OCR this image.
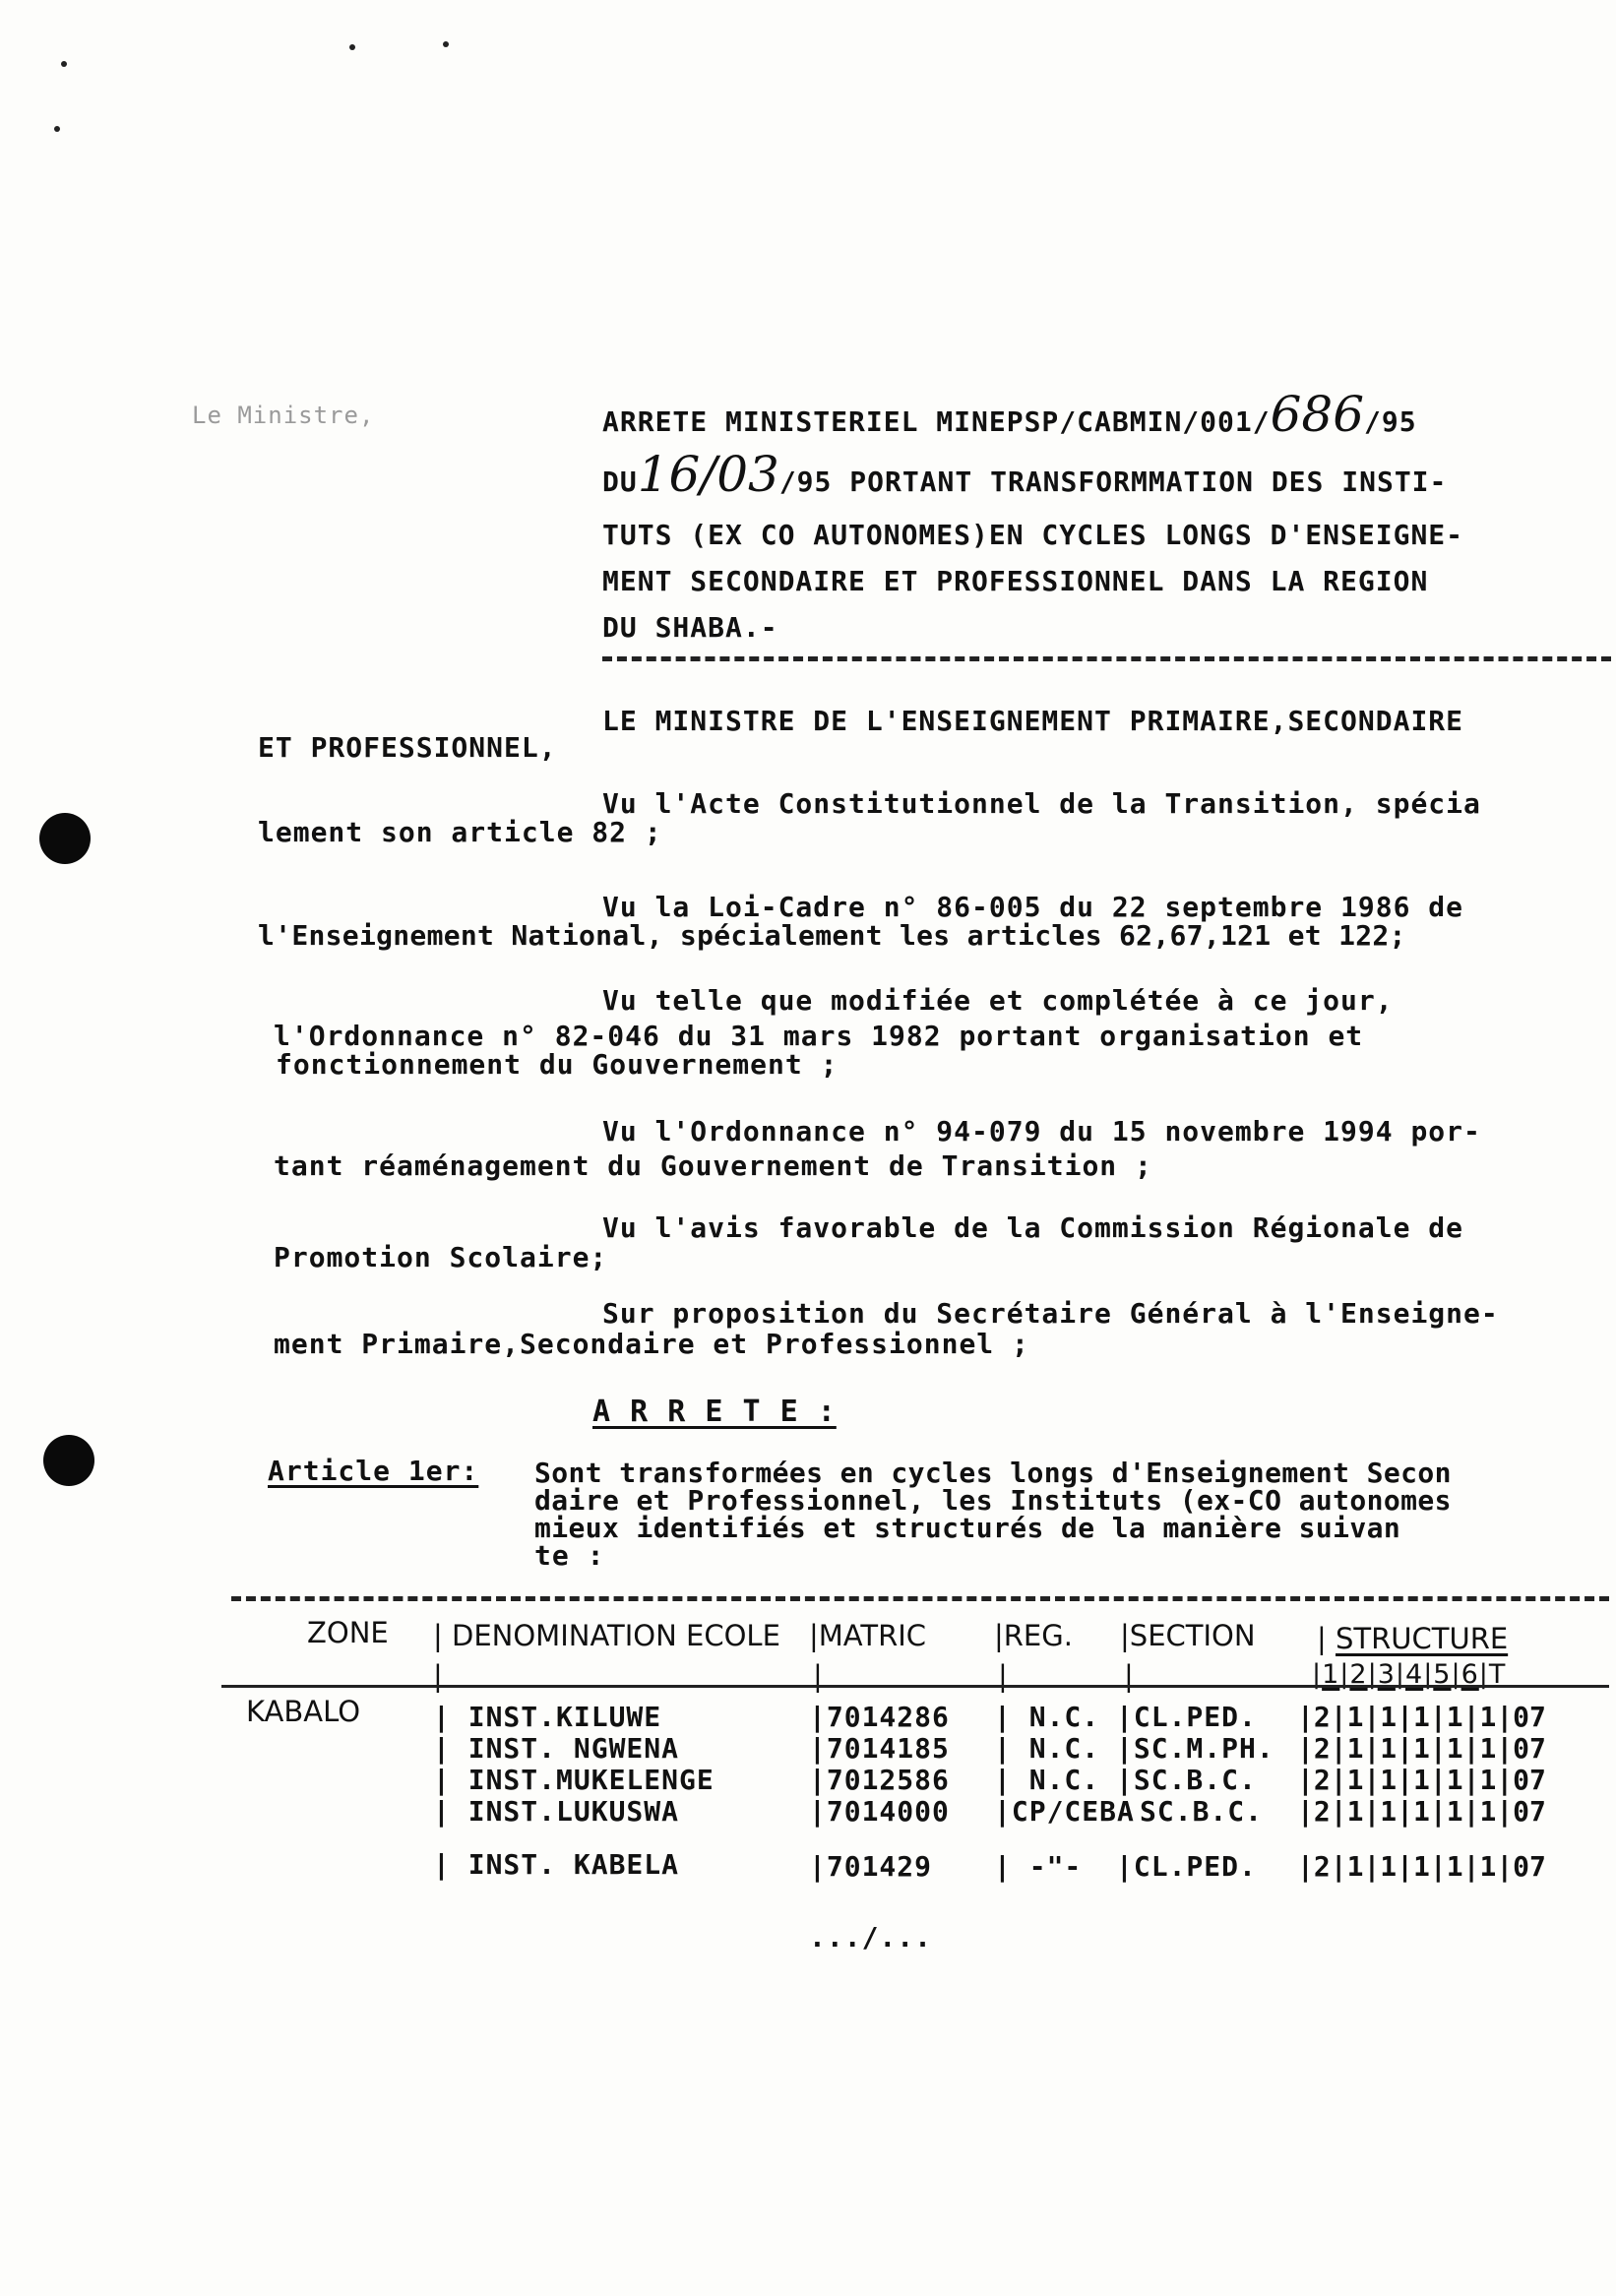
Le Ministre,	ARRETE MINISTERIEL MINEPSP/CABMIN/001/686/95
DU16/03/95 PORTANT TRANSFORMMATION DES INSTI-
TUTS (EX CO AUTONOMES)EN CYCLES LONGS D'ENSEIGNE-
MENT SECONDAIRE ET PROFESSIONNEL DANS LA REGION
DU SHABA.-
LE MINISTRE DE L'ENSEIGNEMENT PRIMAIRE,SECONDAIRE
ET PROFESSIONNEL,
Vu l'Acte Constitutionnel de la Transition, spécia
lement son article 82 ;
Vu la Loi-Cadre n° 86-005 du 22 septembre 1986 de
l'Enseignement National, spécialement les articles 62,67,121 et 122;
Vu telle que modifiée et complétée à ce jour,
l'Ordonnance n° 82-046 du 31 mars 1982 portant organisation et
fonctionnement du Gouvernement ;
Vu l'Ordonnance n° 94-079 du 15 novembre 1994 por-
tant réaménagement du Gouvernement de Transition ;
Vu l'avis favorable de la Commission Régionale de
Promotion Scolaire;
Sur proposition du Secrétaire Général à l'Enseigne-
ment Primaire,Secondaire et Professionnel ;
A R R E T E :
Article 1er: Sont transformées en cycles longs d'Enseignement Secon
daire et Professionnel, les Instituts (ex-CO autonomes
mieux identifiés et structurés de la manière suivan
te :
ZONE | DENOMINATION ECOLE |MATRIC |REG. |SECTION | STRUCTURE
|1|2|3|4|5|6|T
|	|	|	|
KABALO	| INST.KILUWE	|7014286 | N.C. |CL.PED. |2|1|1|1|1|1|07
| INST. NGWENA	|7014185 | N.C. |SC.M.PH. |2|1|1|1|1|1|07
| INST.MUKELENGE	|7012586 | N.C. |SC.B.C. |2|1|1|1|1|1|07
| INST.LUKUSWA	|7014000 |CP/CEBA SC.B.C. |2|1|1|1|1|1|07
| INST. KABELA	|701429 | -"- |CL.PED. |2|1|1|1|1|1|07
.../...
